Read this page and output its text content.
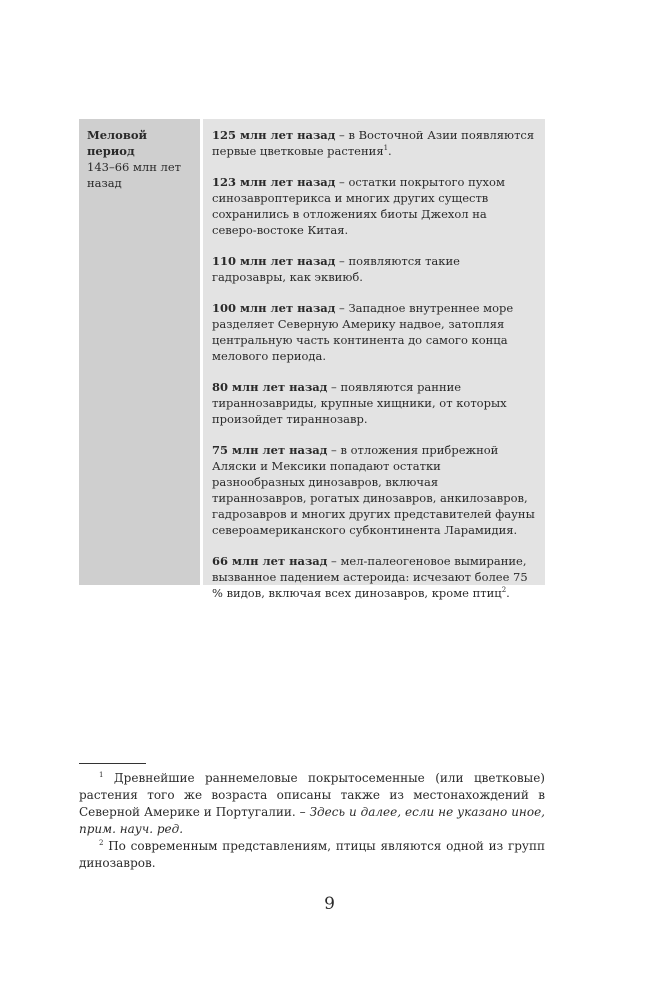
Меловой период
143–66 млн лет назад

125 млн лет назад – в Восточной Азии появляются первые цветковые растения$^1$.

123 млн лет назад – остатки покрытого пухом синозавроптерикса и многих других существ сохранились в отложениях биоты Джехол на северо-востоке Китая.

110 млн лет назад – появляются такие гадрозавры, как эквиюб.

100 млн лет назад – Западное внутреннее море разделяет Северную Америку надвое, затопляя центральную часть континента до самого конца мелового периода.

80 млн лет назад – появляются ранние тираннозавриды, крупные хищники, от которых произойдет тираннозавр.

75 млн лет назад – в отложения прибрежной Аляски и Мексики попадают остатки разнообразных динозавров, включая тираннозавров, рогатых динозавров, анкилозавров, гадрозавров и многих других представителей фауны североамериканского субконтинента Ларамидия.

66 млн лет назад – мел-палеогеновое вымирание, вызванное падением астероида: исчезают более 75 % видов, включая всех динозавров, кроме птиц$^2$.

$^1$ Древнейшие раннемеловые покрытосеменные (или цветковые) растения того же возраста описаны также из местонахождений в Северной Америке и Португалии. – Здесь и далее, если не указано иное, прим. науч. ред.

$^2$ По современным представлениям, птицы являются одной из групп динозавров.

9
